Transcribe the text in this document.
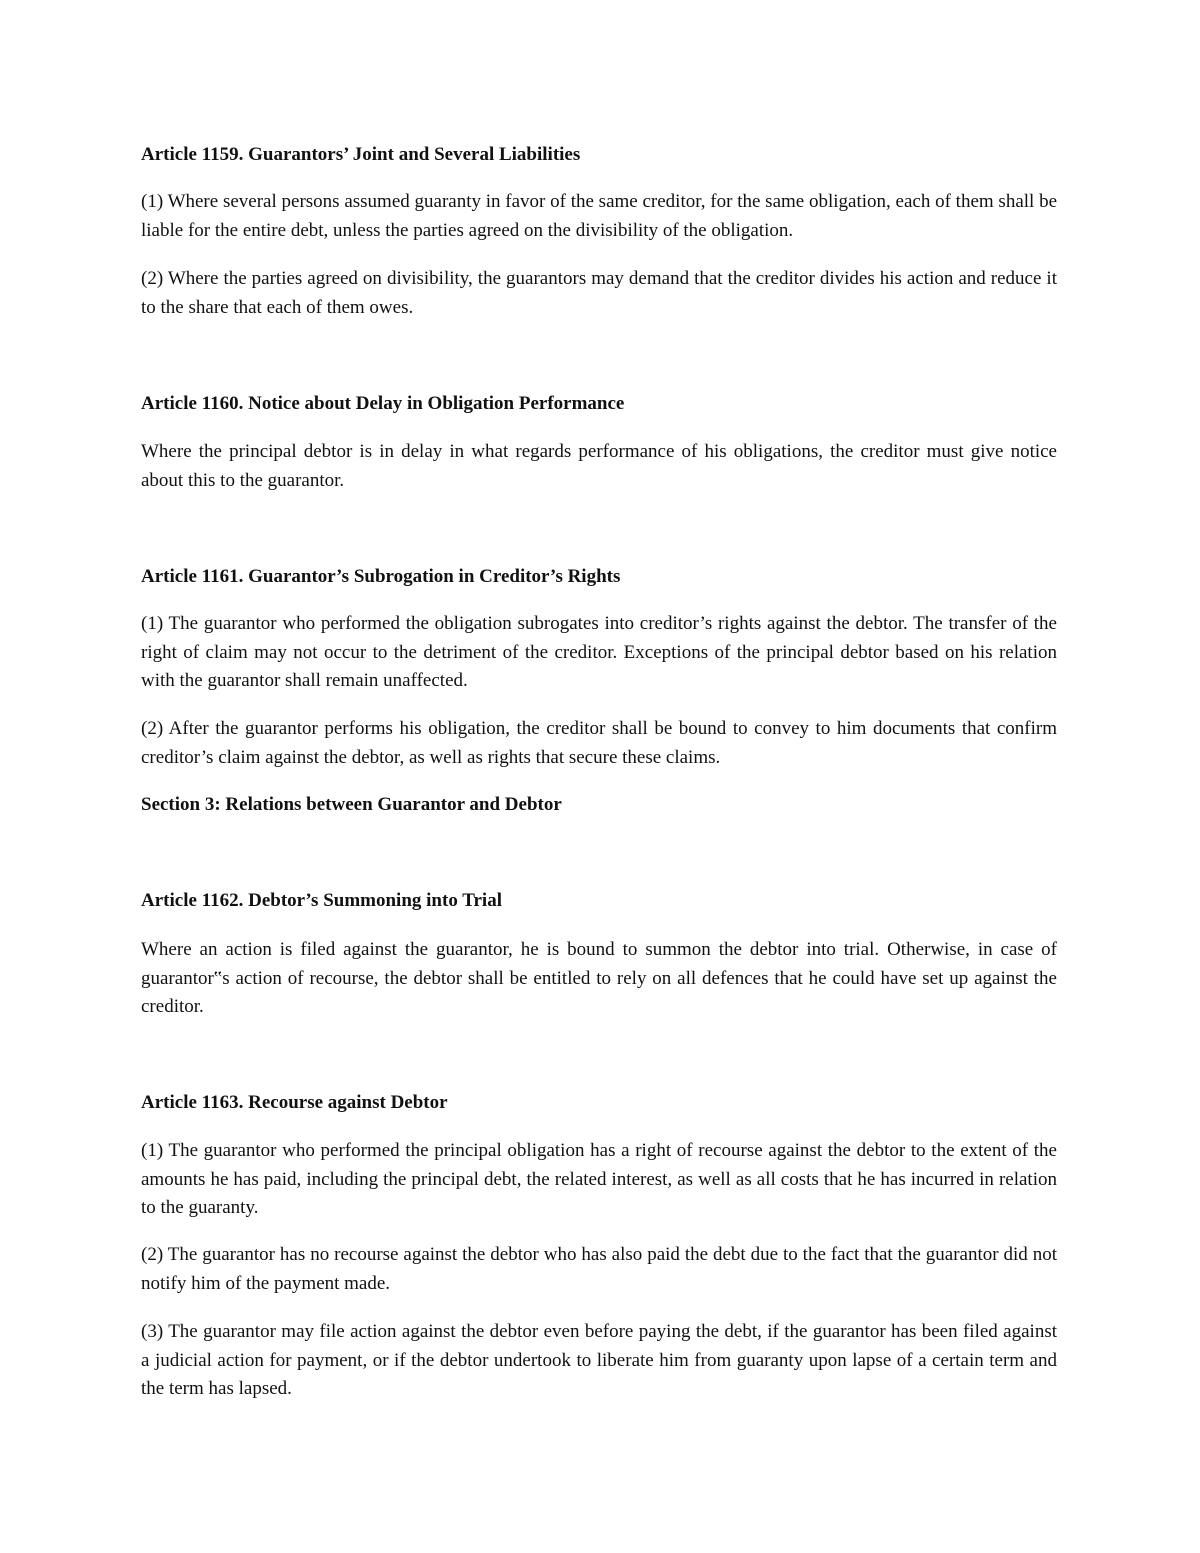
Article 1159. Guarantors’ Joint and Several Liabilities

(1) Where several persons assumed guaranty in favor of the same creditor, for the same obligation, each of them shall be liable for the entire debt, unless the parties agreed on the divisibility of the obligation.

(2) Where the parties agreed on divisibility, the guarantors may demand that the creditor divides his action and reduce it to the share that each of them owes.

Article 1160. Notice about Delay in Obligation Performance

Where the principal debtor is in delay in what regards performance of his obligations, the creditor must give notice about this to the guarantor.

Article 1161. Guarantor’s Subrogation in Creditor’s Rights

(1) The guarantor who performed the obligation subrogates into creditor’s rights against the debtor. The transfer of the right of claim may not occur to the detriment of the creditor. Exceptions of the principal debtor based on his relation with the guarantor shall remain unaffected.

(2) After the guarantor performs his obligation, the creditor shall be bound to convey to him documents that confirm creditor’s claim against the debtor, as well as rights that secure these claims.

Section 3: Relations between Guarantor and Debtor

Article 1162. Debtor’s Summoning into Trial

Where an action is filed against the guarantor, he is bound to summon the debtor into trial. Otherwise, in case of guarantor‟s action of recourse, the debtor shall be entitled to rely on all defences that he could have set up against the creditor.

Article 1163. Recourse against Debtor

(1) The guarantor who performed the principal obligation has a right of recourse against the debtor to the extent of the amounts he has paid, including the principal debt, the related interest, as well as all costs that he has incurred in relation to the guaranty.

(2) The guarantor has no recourse against the debtor who has also paid the debt due to the fact that the guarantor did not notify him of the payment made.

(3) The guarantor may file action against the debtor even before paying the debt, if the guarantor has been filed against a judicial action for payment, or if the debtor undertook to liberate him from guaranty upon lapse of a certain term and the term has lapsed.
